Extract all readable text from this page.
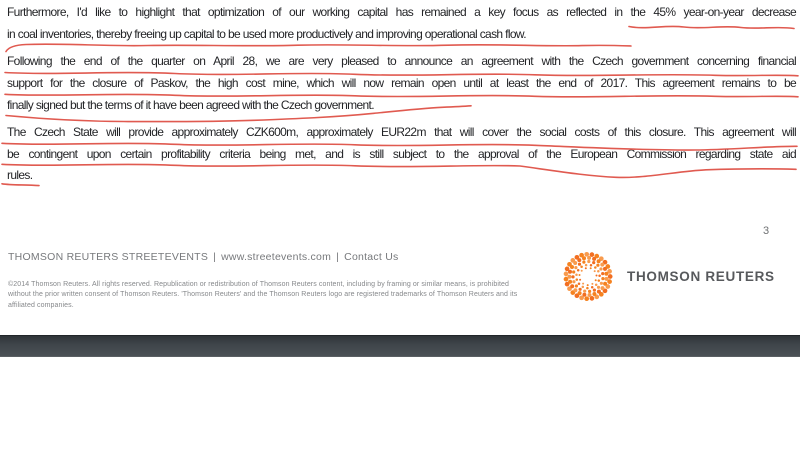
Furthermore, I'd like to highlight that optimization of our working capital has remained a key focus as reflected in the 45% year-on-year decrease
in coal inventories, thereby freeing up capital to be used more productively and improving operational cash flow.
Following the end of the quarter on April 28, we are very pleased to announce an agreement with the Czech government concerning financial
support for the closure of Paskov, the high cost mine, which will now remain open until at least the end of 2017. This agreement remains to be
finally signed but the terms of it have been agreed with the Czech government.
The Czech State will provide approximately CZK600m, approximately EUR22m that will cover the social costs of this closure. This agreement will
be contingent upon certain profitability criteria being met, and is still subject to the approval of the European Commission regarding state aid
rules.
3
THOMSON REUTERS STREETEVENTS | www.streetevents.com | Contact Us
©2014 Thomson Reuters. All rights reserved. Republication or redistribution of Thomson Reuters content, including by framing or similar means, is prohibited
without the prior written consent of Thomson Reuters. 'Thomson Reuters' and the Thomson Reuters logo are registered trademarks of Thomson Reuters and its
affiliated companies.
THOMSON REUTERS
